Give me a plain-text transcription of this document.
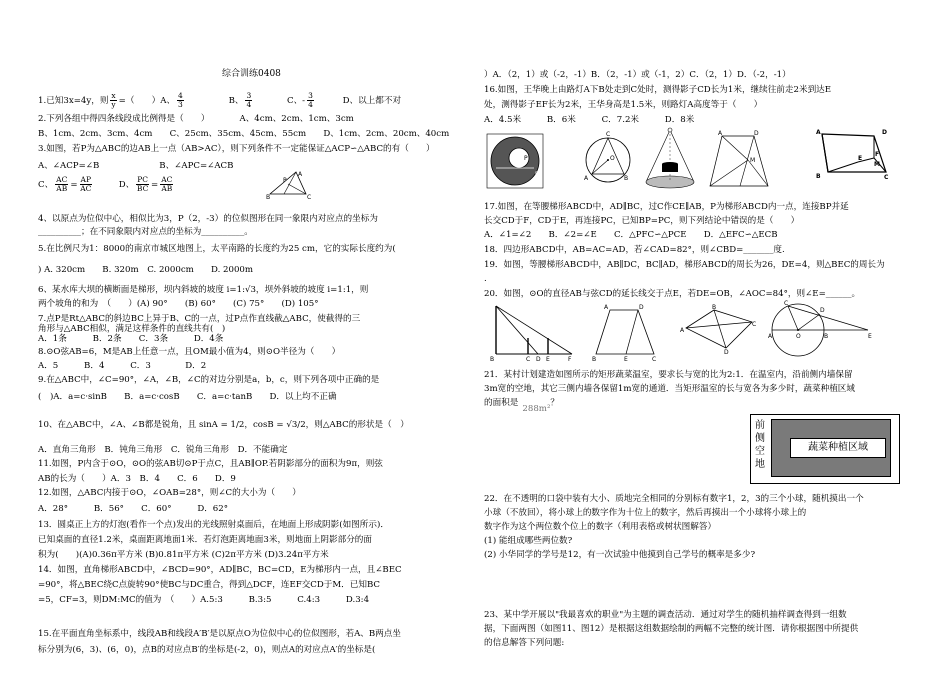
综合训练0408
1.已知3x=4y，则 $\frac{x}{y}$ =（　　）A、 $\frac{4}{3}$	B、 $\frac{3}{4}$	C、- $\frac{3}{4}$	D、以上都不对
2.下列各组中得四条线段成比例得是（　　）	A、4cm、2cm、1cm、3cm
B、1cm、2cm、3cm、4cm　　C、25cm、35cm、45cm、55cm　　D、1cm、2cm、20cm、40cm
3.如图，若P为△ABC的边AB上一点（AB>AC），则下列条件不一定能保证△ACP∽△ABC的有（　　）
A、∠ACP=∠B	B、∠APC=∠ACB
C、 $\frac{AC}{AB} = \frac{AP}{AC}$	D、 $\frac{PC}{BC} = \frac{AC}{AB}$
4、以原点为位似中心，相似比为3，P（2，-3）的位似图形在同一象限内对应点的坐标为
__________；在不同象限内对应点的坐标为__________。
5.在比例尺为1：8000的南京市城区地图上，太平南路的长度约为25 cm，它的实际长度约为(
) A. 320cm　　B. 320m　C. 2000cm　　D. 2000m
6、某水库大坝的横断面是梯形，坝内斜坡的坡度 i=1:√3，坝外斜坡的坡度 i=1:1，则
两个坡角的和为　（　　）(A) 90°　　(B) 60°　　(C) 75°　　(D) 105°
7.点P是Rt△ABC的斜边BC上异于B、C的一点，过P点作直线截△ABC，使截得的三
角形与△ABC相似，满足这样条件的直线共有(　)
A．1条　　　B．2条　　C．3条　　　D．4条
8.⊙O弦AB=6，M是AB上任意一点，且OM最小值为4，则⊙O半径为（　　）
A．5　　　B．4　　　C．3　　　　D．2
9.在△ABC中，∠C=90°，∠A，∠B，∠C的对边分别是a，b，c，则下列各项中正确的是
(　)A．a=c·sinB　　B．a=c·cosB　　C．a=c·tanB　　D．以上均不正确
10、在△ABC中，∠A、∠B都是锐角，且 sinA = 1/2，cosB = √3/2，则△ABC的形状是（　）
A．直角三角形　B．钝角三角形　C．锐角三角形　D．不能确定
11.如图，P内含于⊙O，⊙O的弦AB切⊙P于点C，且AB∥OP.若阴影部分的面积为9π，则弦
AB的长为（　　）A．3　B．4　　C．6　　D．9
12.如图，△ABC内接于⊙O，∠OAB=28°，则∠C的大小为（　　）
A．28°　　　B．56°　　C．60°　　　D．62°
13．圆桌正上方的灯泡(看作一个点)发出的光线照射桌面后，在地面上形成阴影(如图所示)．
已知桌面的直径1.2米，桌面距离地面1米．若灯泡距离地面3米，则地面上阴影部分的面
积为(　　)(A)0.36π平方米 (B)0.81π平方米 (C)2π平方米 (D)3.24π平方米
14．如图，直角梯形ABCD中，∠BCD=90°，AD∥BC，BC=CD，E为梯形内一点，且∠BEC
=90°，将△BEC绕C点旋转90°使BC与DC重合，得到△DCF，连EF交CD于M．已知BC
=5，CF=3，则DM:MC的值为　（　　）A.5:3　　　B.3:5　　　C.4:3　　　D.3:4
15.在平面直角坐标系中，线段AB和线段A′B′是以原点O为位似中心的位似图形，若A、B两点坐
标分别为(6，3)、(6，0)，点B的对应点B′的坐标是(-2，0)，则点A的对应点A′的坐标是(　
P
A
B	C
）A．（2，1）或（-2，-1）B．（2，-1）或（-1，2）C．（2，1）D．（-2，-1）
16.如图，王华晚上由路灯A下B处走到C处时，测得影子CD长为1米，继续往前走2米到达E
处，测得影子EF长为2米，王华身高是1.5米，则路灯A高度等于（　　）
A．4.5米　　　B．6米　　　C．7.2米　　　D．8米
A	B
P
C
O
A	B
A	D
M
A
B
D
C
F
E
M
17.如图，在等腰梯形ABCD中，AD∥BC，过C作CE∥AB，P为梯形ABCD内一点，连接BP并延
长交CD于F，CD于E，再连接PC，已知BP=PC，则下列结论中错误的是（　　）
A．∠1=∠2　　B．∠2=∠E　　C．△PFC∽△PCE　　D．△EFC∽△ECB
18．四边形ABCD中，AB=AC=AD，若∠CAD=82°，则∠CBD=_______度.
19．如图，等腰梯形ABCD中，AB∥DC，BC∥AD，梯形ABCD的周长为26，DE=4，则△BEC的周长为
.
20．如图，⊙O的直径AB与弦CD的延长线交于点E，若DE=OB，∠AOC=84°，则∠E=______。
B	C D E	F
A	D
B	E	C
A
B
C
D
C
D
A	O	B	E
21．某村计划建造如图所示的矩形蔬菜温室，要求长与宽的比为2:1．在温室内，沿前侧内墙保留
3m宽的空地，其它三侧内墙各保留1m宽的通道．当矩形温室的长与宽各为多少时，蔬菜种植区域
的面积是288m²？
前侧空地
蔬菜种植区域
22．在不透明的口袋中装有大小、质地完全相同的分别标有数字1，2，3的三个小球，随机摸出一个
小球（不放回），将小球上的数字作为十位上的数字，然后再摸出一个小球将小球上的
数字作为这个两位数个位上的数字（利用表格或树状图解答）
(1) 能组成哪些两位数?
(2) 小华同学的学号是12，有一次试验中他摸到自己学号的概率是多少?
23、某中学开展以"我最喜欢的职业"为主题的调查活动．通过对学生的随机抽样调查得到一组数
据，下面两图（如图11、图12）是根据这组数据绘制的两幅不完整的统计图．请你根据图中所提供
的信息解答下列问题:
